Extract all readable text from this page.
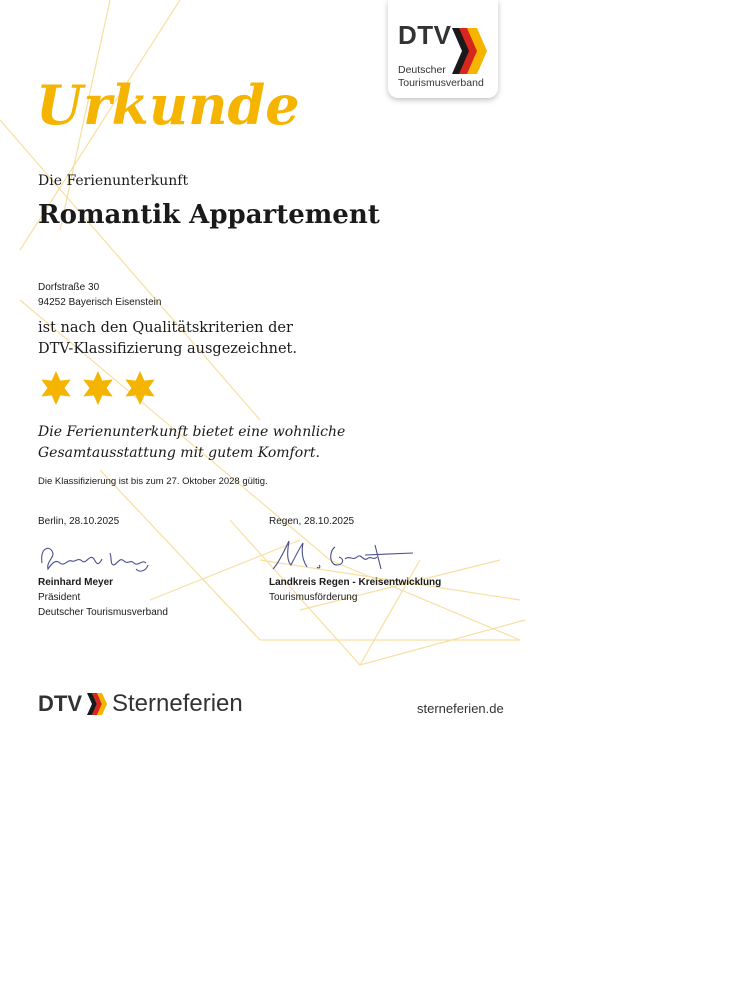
DTV
Deutscher
Tourismusverband
Urkunde
Die Ferienunterkunft
Romantik Appartement
Dorfstraße 30
94252 Bayerisch Eisenstein
ist nach den Qualitätskriterien der
DTV-Klassifizierung ausgezeichnet.
Die Ferienunterkunft bietet eine wohnliche
Gesamtausstattung mit gutem Komfort.
Die Klassifizierung ist bis zum 27. Oktober 2028 gültig.
Berlin, 28.10.2025
Reinhard Meyer
Präsident
Deutscher Tourismusverband
Regen, 28.10.2025
Landkreis Regen - Kreisentwicklung
Tourismusförderung
DTV Sterneferien	sterneferien.de
